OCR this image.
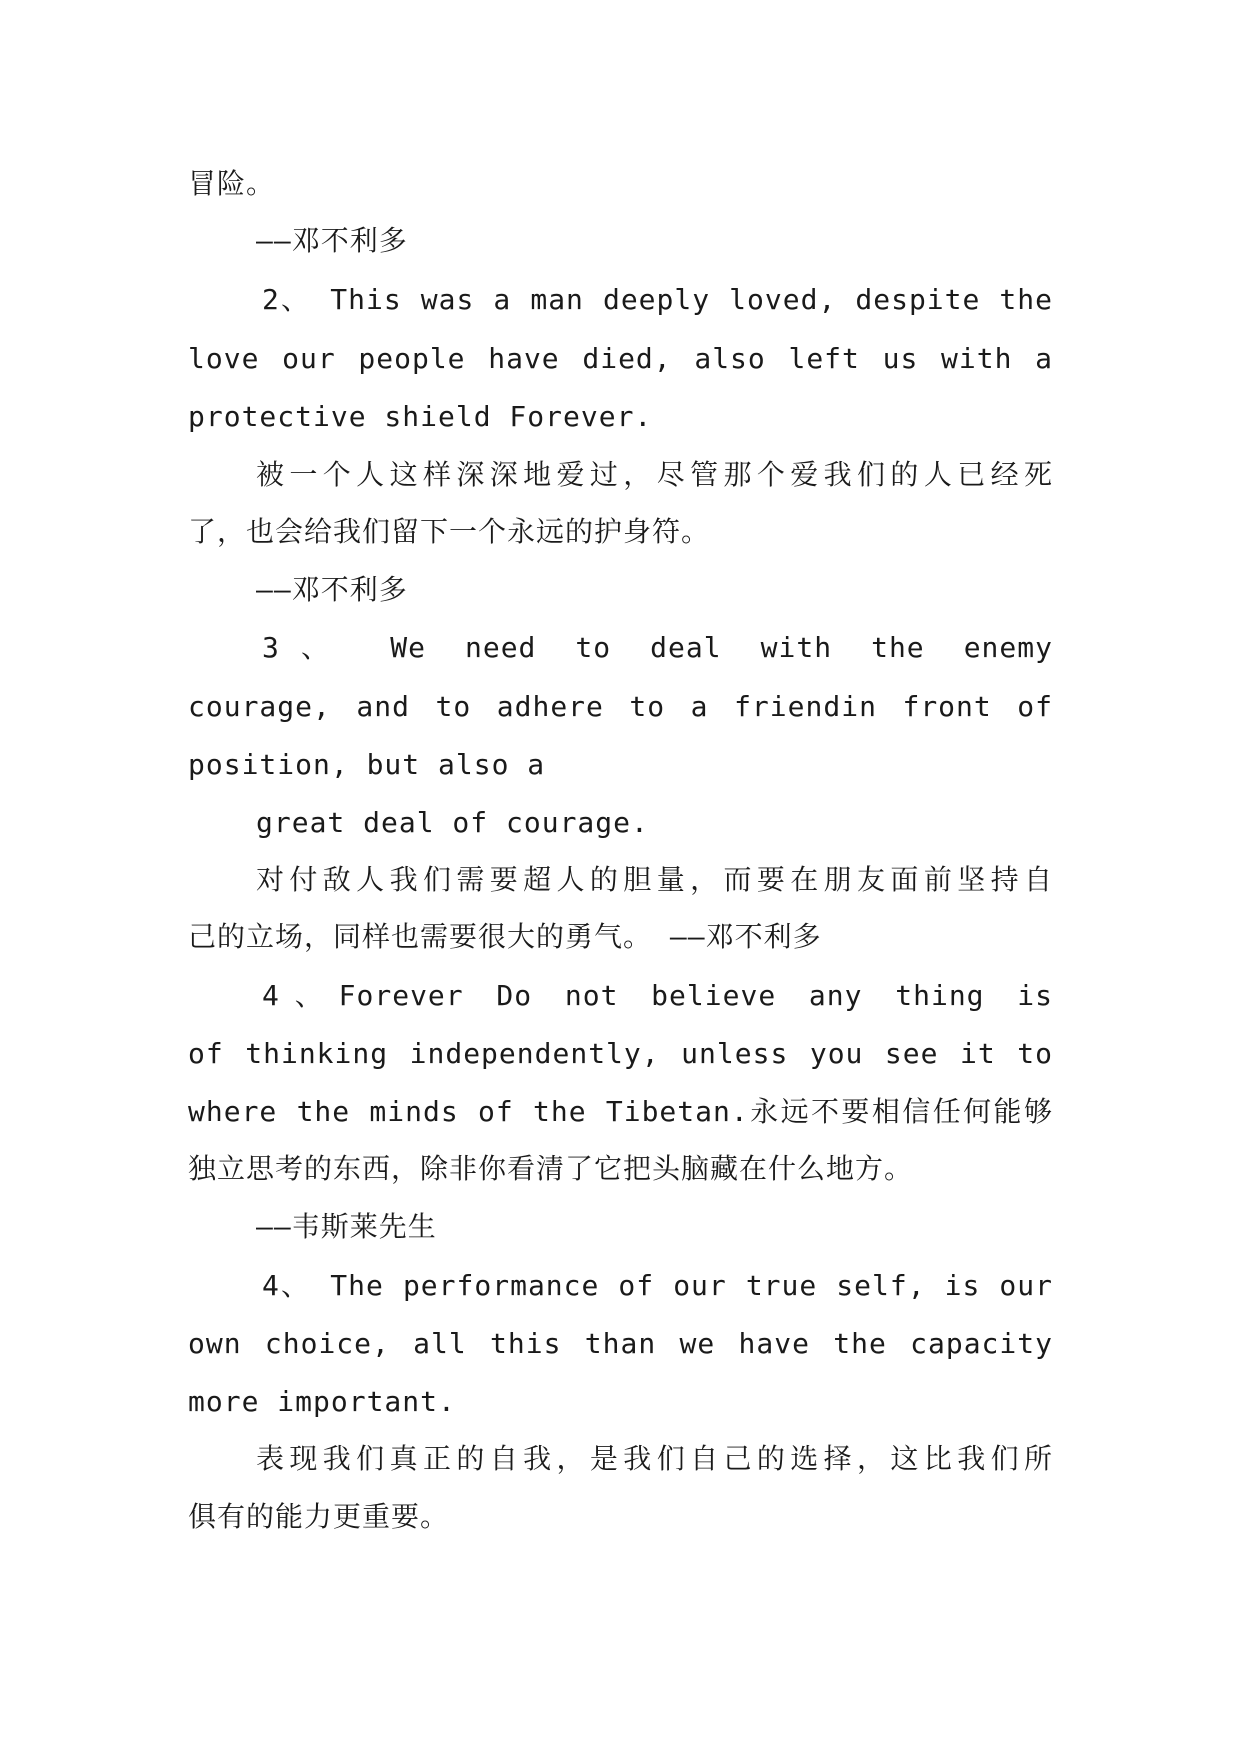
冒险。
——邓不利多
2、 This was a man deeply loved, despite the
love our people have died, also left us with a
protective shield Forever.
被一个人这样深深地爱过，尽管那个爱我们的人已经死
了，也会给我们留下一个永远的护身符。
——邓不利多
3、 We need to deal with the enemy
courage, and to adhere to a friendin front of
position, but also a
great deal of courage.
对付敌人我们需要超人的胆量，而要在朋友面前坚持自
己的立场，同样也需要很大的勇气。 ——邓不利多
4、Forever Do not believe any thing is
of thinking independently, unless you see it to
where the minds of the Tibetan.永远不要相信任何能够
独立思考的东西，除非你看清了它把头脑藏在什么地方。
——韦斯莱先生
4、 The performance of our true self, is our
own choice, all this than we have the capacity
more important.
表现我们真正的自我，是我们自己的选择，这比我们所
俱有的能力更重要。
